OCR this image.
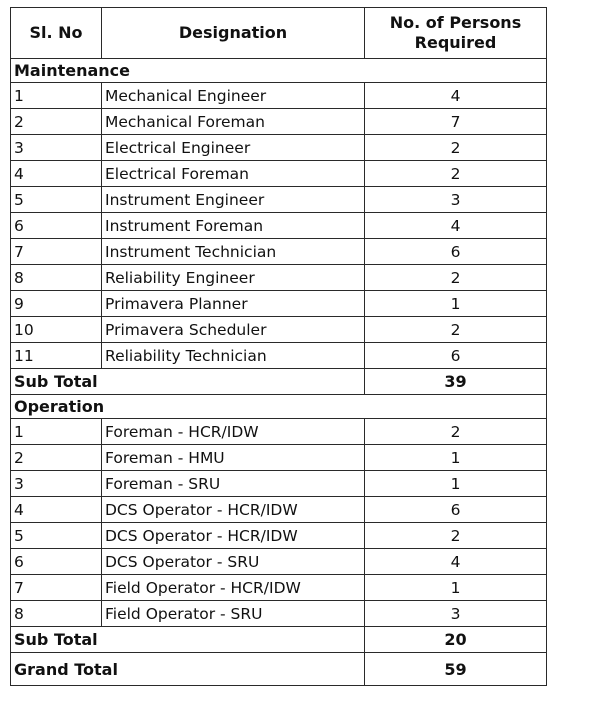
Sl. No	Designation	No. of Persons Required
Maintenance		
1	Mechanical Engineer	4
2	Mechanical Foreman	7
3	Electrical Engineer	2
4	Electrical Foreman	2
5	Instrument Engineer	3
6	Instrument Foreman	4
7	Instrument Technician	6
8	Reliability Engineer	2
9	Primavera Planner	1
10	Primavera Scheduler	2
11	Reliability Technician	6
Sub Total		39
Operation		
1	Foreman - HCR/IDW	2
2	Foreman - HMU	1
3	Foreman - SRU	1
4	DCS Operator - HCR/IDW	6
5	DCS Operator - HCR/IDW	2
6	DCS Operator - SRU	4
7	Field Operator - HCR/IDW	1
8	Field Operator - SRU	3
Sub Total		20
Grand Total		59
